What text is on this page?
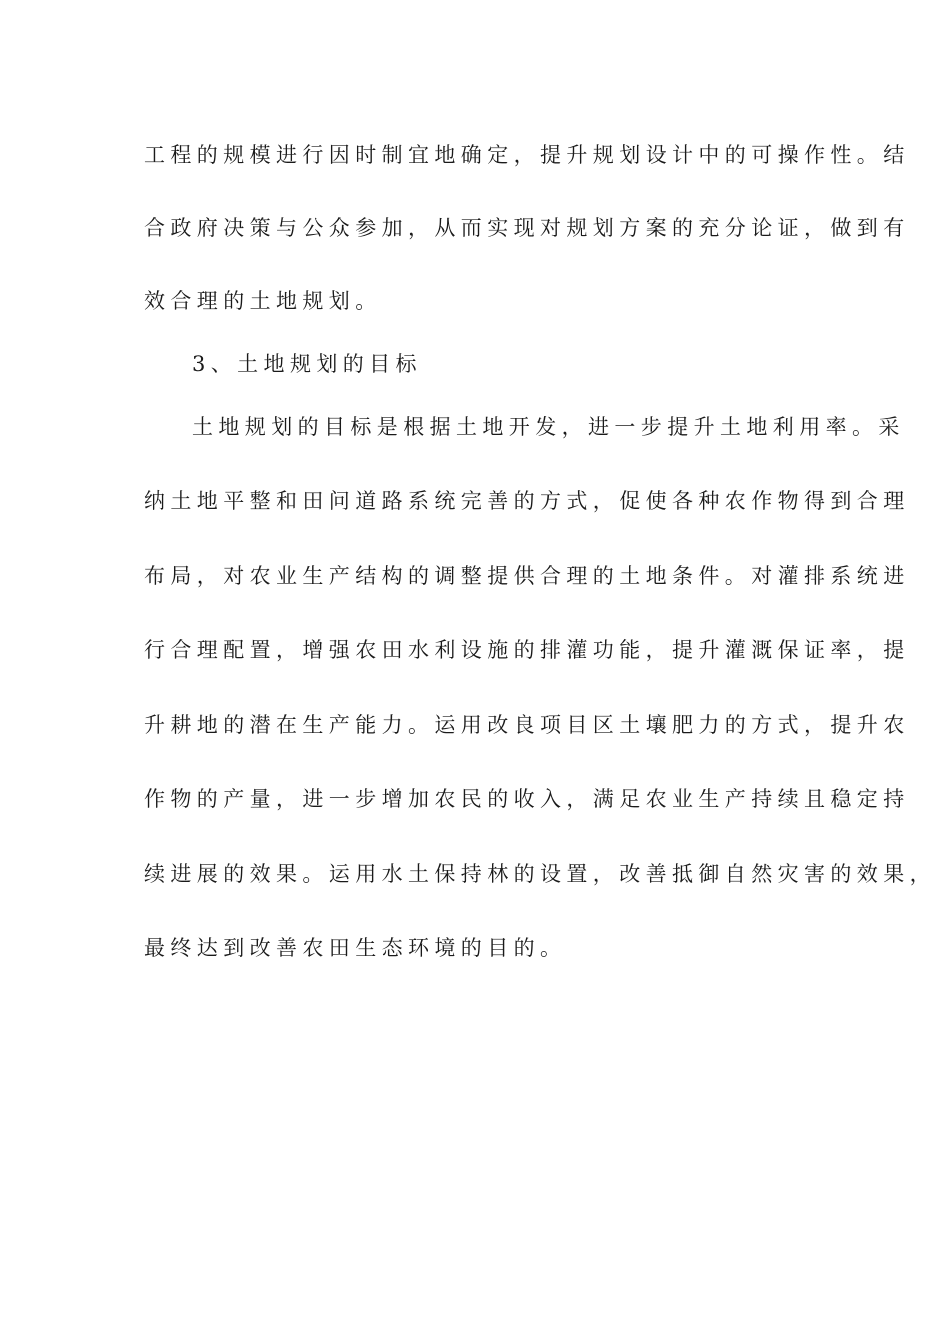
工程的规模进行因时制宜地确定，提升规划设计中的可操作性。结
合政府决策与公众参加，从而实现对规划方案的充分论证，做到有
效合理的土地规划。
3、土地规划的目标
土地规划的目标是根据土地开发，进一步提升土地利用率。采
纳土地平整和田问道路系统完善的方式，促使各种农作物得到合理
布局，对农业生产结构的调整提供合理的土地条件。对灌排系统进
行合理配置，增强农田水利设施的排灌功能，提升灌溉保证率，提
升耕地的潜在生产能力。运用改良项目区土壤肥力的方式，提升农
作物的产量，进一步增加农民的收入，满足农业生产持续且稳定持
续进展的效果。运用水土保持林的设置，改善抵御自然灾害的效果，
最终达到改善农田生态环境的目的。
